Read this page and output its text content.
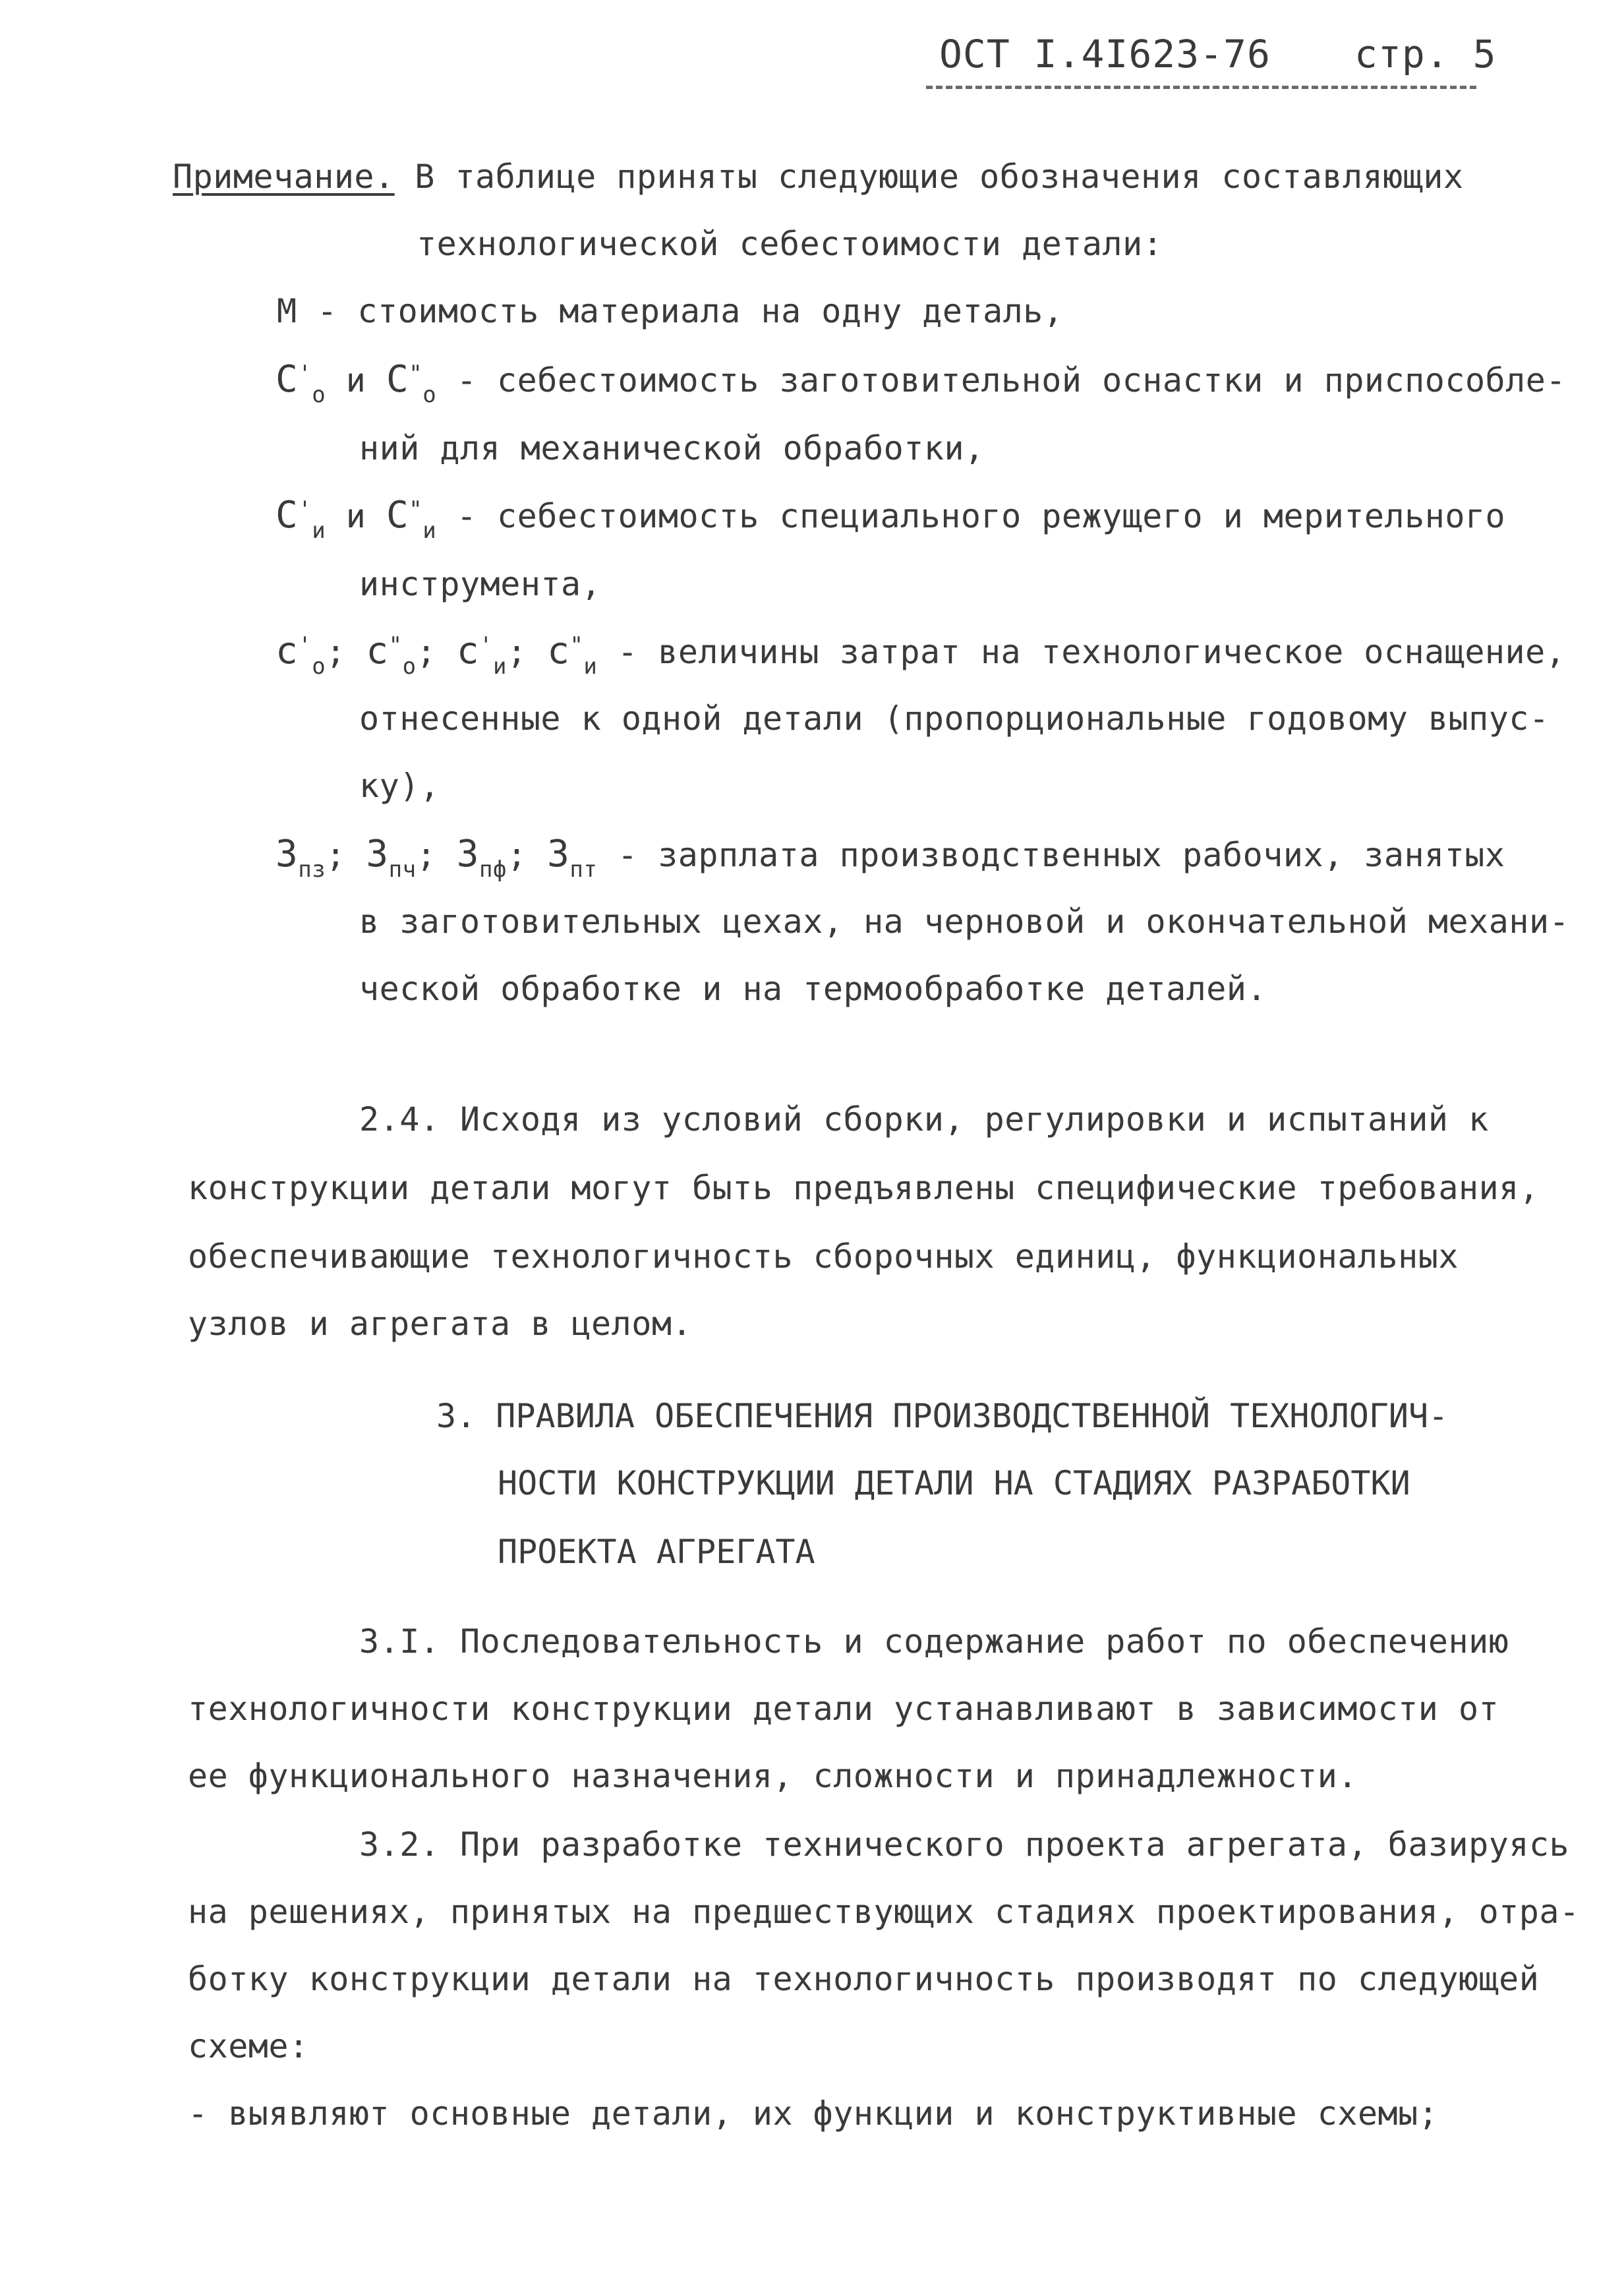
ОСТ I.4I623-76 стр. 5
Примечание. В таблице приняты следующие обозначения составляющих
технологической себестоимости детали:
М - стоимость материала на одну деталь,
$С'_о$ и $С^"_о$ - себестоимость заготовительной оснастки и приспособле-
ний для механической обработки,
$С'_и$ и $С^"_и$ - себестоимость специального режущего и мерительного
инструмента,
$с'_о$; $с^"_о$; $с'_и$; $с^"_и$ - величины затрат на технологическое оснащение,
отнесенные к одной детали (пропорциональные годовому выпус-
ку),
$З_{пз}$; $З_{пч}$; $З_{пф}$; $З_{пт}$ - зарплата производственных рабочих, занятых
в заготовительных цехах, на черновой и окончательной механи-
ческой обработке и на термообработке деталей.
2.4. Исходя из условий сборки, регулировки и испытаний к
конструкции детали могут быть предъявлены специфические требования,
обеспечивающие технологичность сборочных единиц, функциональных
узлов и агрегата в целом.
3. ПРАВИЛА ОБЕСПЕЧЕНИЯ ПРОИЗВОДСТВЕННОЙ ТЕХНОЛОГИЧ-
НОСТИ КОНСТРУКЦИИ ДЕТАЛИ НА СТАДИЯХ РАЗРАБОТКИ
ПРОЕКТА АГРЕГАТА
3.I. Последовательность и содержание работ по обеспечению
технологичности конструкции детали устанавливают в зависимости от
ее функционального назначения, сложности и принадлежности.
3.2. При разработке технического проекта агрегата, базируясь
на решениях, принятых на предшествующих стадиях проектирования, отра-
ботку конструкции детали на технологичность производят по следующей
схеме:
- выявляют основные детали, их функции и конструктивные схемы;
